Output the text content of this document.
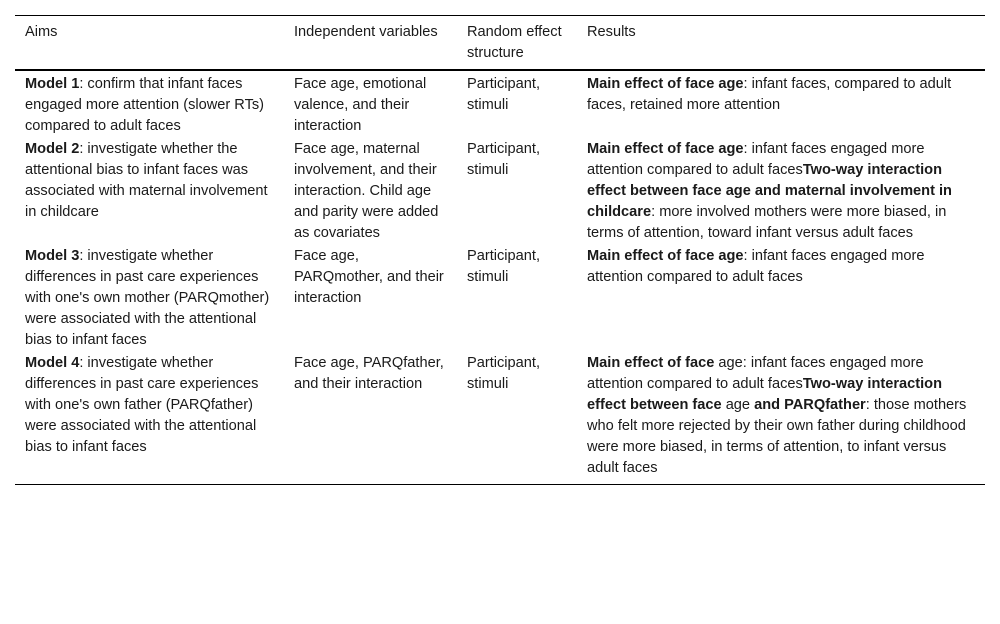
Aims	Independent variables	Random effect structure	Results
Model 1: confirm that infant faces engaged more attention (slower RTs) compared to adult faces	Face age, emotional valence, and their interaction	Participant, stimuli	Main effect of face age: infant faces, compared to adult faces, retained more attention
Model 2: investigate whether the attentional bias to infant faces was associated with maternal involvement in childcare	Face age, maternal involvement, and their interaction. Child age and parity were added as covariates	Participant, stimuli	Main effect of face age: infant faces engaged more attention compared to adult facesTwo-way interaction effect between face age and maternal involvement in childcare: more involved mothers were more biased, in terms of attention, toward infant versus adult faces
Model 3: investigate whether differences in past care experiences with one's own mother (PARQmother) were associated with the attentional bias to infant faces	Face age, PARQmother, and their interaction	Participant, stimuli	Main effect of face age: infant faces engaged more attention compared to adult faces
Model 4: investigate whether differences in past care experiences with one's own father (PARQfather) were associated with the attentional bias to infant faces	Face age, PARQfather, and their interaction	Participant, stimuli	Main effect of face age: infant faces engaged more attention compared to adult facesTwo-way interaction effect between face age and PARQfather: those mothers who felt more rejected by their own father during childhood were more biased, in terms of attention, to infant versus adult faces
